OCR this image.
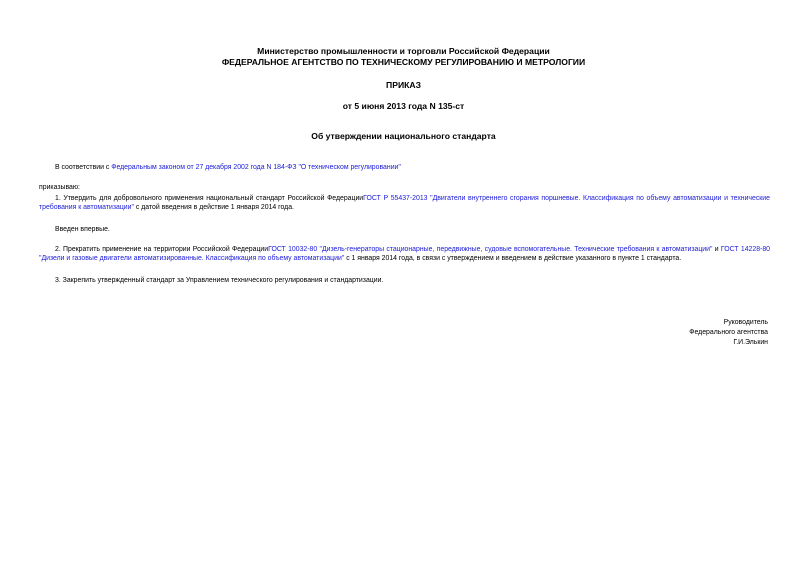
Министерство промышленности и торговли Российской Федерации
ФЕДЕРАЛЬНОЕ АГЕНТСТВО ПО ТЕХНИЧЕСКОМУ РЕГУЛИРОВАНИЮ И МЕТРОЛОГИИ
ПРИКАЗ
от 5 июня 2013 года N 135-ст
Об утверждении национального стандарта
В соответствии с Федеральным законом от 27 декабря 2002 года N 184-ФЗ "О техническом регулировании"
приказываю:
1. Утвердить для добровольного применения национальный стандарт Российской ФедерацииГОСТ Р 55437-2013 "Двигатели внутреннего сгорания поршневые. Классификация по объему автоматизации и технические требования к автоматизации" с датой введения в действие 1 января 2014 года.
Введен впервые.
2. Прекратить применение на территории Российской ФедерацииГОСТ 10032-80 "Дизель-генераторы стационарные, передвижные, судовые вспомогательные. Технические требования к автоматизации" и ГОСТ 14228-80 "Дизели и газовые двигатели автоматизированные. Классификация по объему автоматизации" с 1 января 2014 года, в связи с утверждением и введением в действие указанного в пункте 1 стандарта.
3. Закрепить утвержденный стандарт за Управлением технического регулирования и стандартизации.
Руководитель
Федерального агентства
Г.И.Элькин
